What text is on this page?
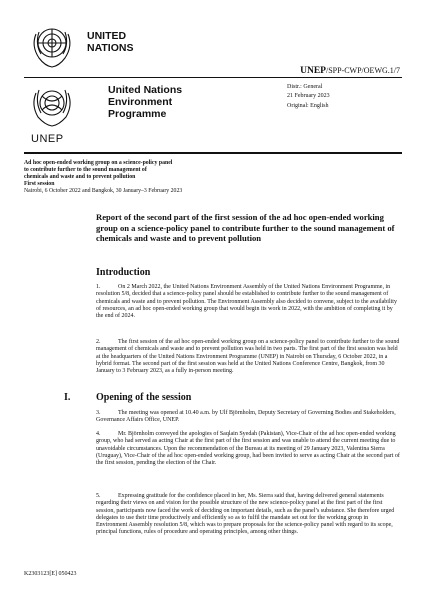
UNITED
NATIONS
UNEP/SPP-CWP/OEWG.1/7
UNEP
United Nations
Environment
Programme
Distr.: General
21 February 2023
Original: English
Ad hoc open-ended working group on a science-policy panel
to contribute further to the sound management of
chemicals and waste and to prevent pollution
First session
Nairobi, 6 October 2022 and Bangkok, 30 January–3 February 2023
Report of the second part of the first session of the ad hoc open-ended working group on a science-policy panel to contribute further to the sound management of chemicals and waste and to prevent pollution
Introduction
1.	On 2 March 2022, the United Nations Environment Assembly of the United Nations Environment Programme, in resolution 5/8, decided that a science-policy panel should be established to contribute further to the sound management of chemicals and waste and to prevent pollution. The Environment Assembly also decided to convene, subject to the availability of resources, an ad hoc open-ended working group that would begin its work in 2022, with the ambition of completing it by the end of 2024.
2.	The first session of the ad hoc open-ended working group on a science-policy panel to contribute further to the sound management of chemicals and waste and to prevent pollution was held in two parts. The first part of the first session was held at the headquarters of the United Nations Environment Programme (UNEP) in Nairobi on Thursday, 6 October 2022, in a hybrid format. The second part of the first session was held at the United Nations Conference Centre, Bangkok, from 30 January to 3 February 2023, as a fully in-person meeting.
I.	Opening of the session
3.	The meeting was opened at 10.40 a.m. by Ulf Björnholm, Deputy Secretary of Governing Bodies and Stakeholders, Governance Affairs Office, UNEP.
4.	Mr. Björnholm conveyed the apologies of Saqlain Syedah (Pakistan), Vice-Chair of the ad hoc open-ended working group, who had served as acting Chair at the first part of the first session and was unable to attend the current meeting due to unavoidable circumstances. Upon the recommendation of the Bureau at its meeting of 29 January 2023, Valentina Sierra (Uruguay), Vice-Chair of the ad hoc open-ended working group, had been invited to serve as acting Chair at the second part of the first session, pending the election of the Chair.
5.	Expressing gratitude for the confidence placed in her, Ms. Sierra said that, having delivered general statements regarding their views on and vision for the possible structure of the new science-policy panel at the first part of the first session, participants now faced the work of deciding on important details, such as the panel’s substance. She therefore urged delegates to use their time productively and efficiently so as to fulfil the mandate set out for the working group in Environment Assembly resolution 5/8, which was to prepare proposals for the science-policy panel with regard to its scope, principal functions, rules of procedure and operating principles, among other things.
K2303123[E] 050423
